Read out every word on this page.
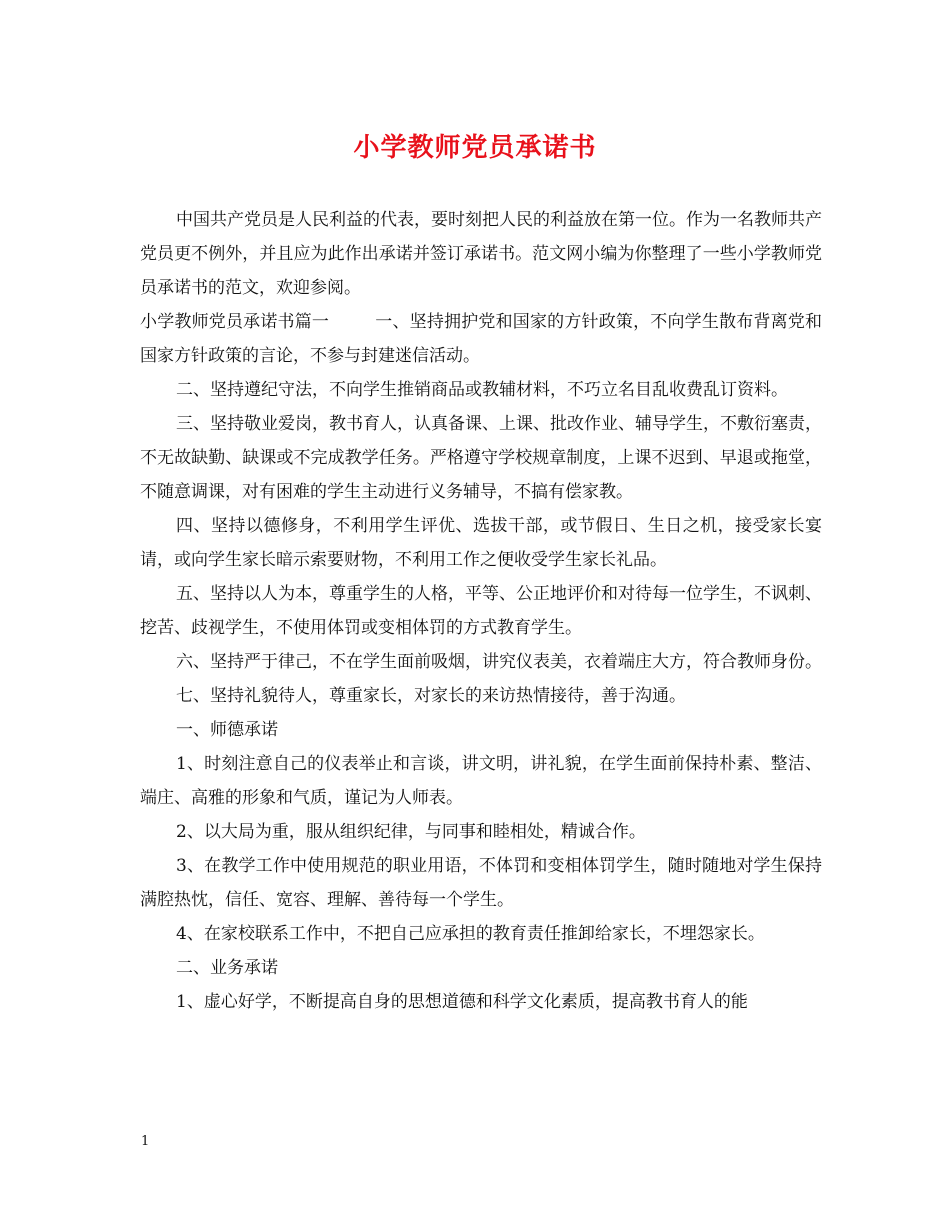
小学教师党员承诺书

中国共产党员是人民利益的代表，要时刻把人民的利益放在第一位。作为一名教师共产党员更不例外，并且应为此作出承诺并签订承诺书。范文网小编为你整理了一些小学教师党员承诺书的范文，欢迎参阅。

小学教师党员承诺书篇一	一、坚持拥护党和国家的方针政策，不向学生散布背离党和国家方针政策的言论，不参与封建迷信活动。

二、坚持遵纪守法，不向学生推销商品或教辅材料，不巧立名目乱收费乱订资料。

三、坚持敬业爱岗，教书育人，认真备课、上课、批改作业、辅导学生，不敷衍塞责，不无故缺勤、缺课或不完成教学任务。严格遵守学校规章制度，上课不迟到、早退或拖堂，不随意调课，对有困难的学生主动进行义务辅导，不搞有偿家教。

四、坚持以德修身，不利用学生评优、选拔干部，或节假日、生日之机，接受家长宴请，或向学生家长暗示索要财物，不利用工作之便收受学生家长礼品。

五、坚持以人为本，尊重学生的人格，平等、公正地评价和对待每一位学生，不讽刺、挖苦、歧视学生，不使用体罚或变相体罚的方式教育学生。

六、坚持严于律己，不在学生面前吸烟，讲究仪表美，衣着端庄大方，符合教师身份。

七、坚持礼貌待人，尊重家长，对家长的来访热情接待，善于沟通。

一、师德承诺

1、时刻注意自己的仪表举止和言谈，讲文明，讲礼貌，在学生面前保持朴素、整洁、端庄、高雅的形象和气质，谨记为人师表。

2、以大局为重，服从组织纪律，与同事和睦相处，精诚合作。

3、在教学工作中使用规范的职业用语，不体罚和变相体罚学生，随时随地对学生保持满腔热忱，信任、宽容、理解、善待每一个学生。

4、在家校联系工作中，不把自己应承担的教育责任推卸给家长，不埋怨家长。

二、业务承诺

1、虚心好学，不断提高自身的思想道德和科学文化素质，提高教书育人的能

1
